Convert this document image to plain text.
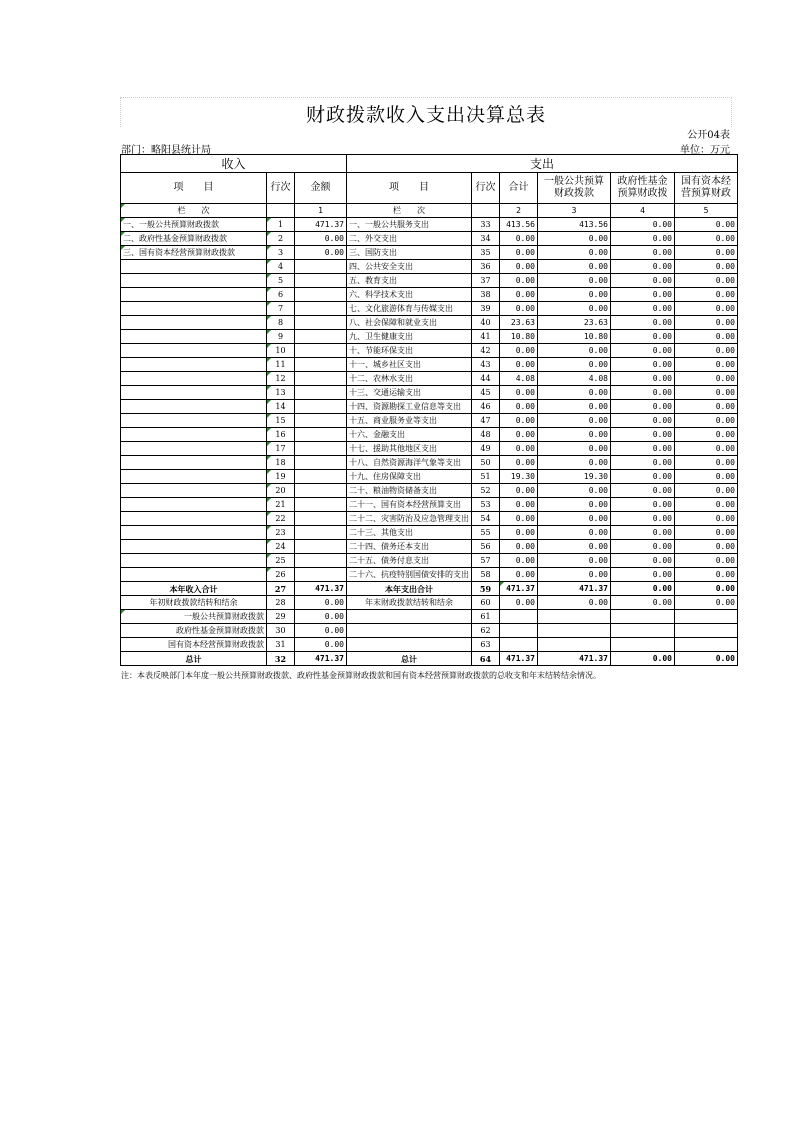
财政拨款收入支出决算总表
公开04表
部门：略阳县统计局	单位：万元
收入			支出					
项　　目	行次	金额	项　　目	行次	合计	一般公共预算财政拨款	政府性基金预算财政拨	国有资本经营预算财政
栏　　次		1	栏　　次		2	3	4	5
一、一般公共预算财政拨款	1	471.37	一、一般公共服务支出	33	413.56	413.56	0.00	0.00
二、政府性基金预算财政拨款	2	0.00	二、外交支出	34	0.00	0.00	0.00	0.00
三、国有资本经营预算财政拨款	3	0.00	三、国防支出	35	0.00	0.00	0.00	0.00
	4		四、公共安全支出	36	0.00	0.00	0.00	0.00
	5		五、教育支出	37	0.00	0.00	0.00	0.00
	6		六、科学技术支出	38	0.00	0.00	0.00	0.00
	7		七、文化旅游体育与传媒支出	39	0.00	0.00	0.00	0.00
	8		八、社会保障和就业支出	40	23.63	23.63	0.00	0.00
	9		九、卫生健康支出	41	10.80	10.80	0.00	0.00
	10		十、节能环保支出	42	0.00	0.00	0.00	0.00
	11		十一、城乡社区支出	43	0.00	0.00	0.00	0.00
	12		十二、农林水支出	44	4.08	4.08	0.00	0.00
	13		十三、交通运输支出	45	0.00	0.00	0.00	0.00
	14		十四、资源勘探工业信息等支出	46	0.00	0.00	0.00	0.00
	15		十五、商业服务业等支出	47	0.00	0.00	0.00	0.00
	16		十六、金融支出	48	0.00	0.00	0.00	0.00
	17		十七、援助其他地区支出	49	0.00	0.00	0.00	0.00
	18		十八、自然资源海洋气象等支出	50	0.00	0.00	0.00	0.00
	19		十九、住房保障支出	51	19.30	19.30	0.00	0.00
	20		二十、粮油物资储备支出	52	0.00	0.00	0.00	0.00
	21		二十一、国有资本经营预算支出	53	0.00	0.00	0.00	0.00
	22		二十二、灾害防治及应急管理支出	54	0.00	0.00	0.00	0.00
	23		二十三、其他支出	55	0.00	0.00	0.00	0.00
	24		二十四、债务还本支出	56	0.00	0.00	0.00	0.00
	25		二十五、债务付息支出	57	0.00	0.00	0.00	0.00
	26		二十六、抗疫特别国债安排的支出	58	0.00	0.00	0.00	0.00
本年收入合计	27	471.37	本年支出合计	59	471.37	471.37	0.00	0.00
年初财政拨款结转和结余	28	0.00	年末财政拨款结转和结余	60	0.00	0.00	0.00	0.00
一般公共预算财政拨款	29	0.00		61				
政府性基金预算财政拨款	30	0.00		62				
国有资本经营预算财政拨款	31	0.00		63				
总计	32	471.37	总计	64	471.37	471.37	0.00	0.00
注：本表反映部门本年度一般公共预算财政拨款、政府性基金预算财政拨款和国有资本经营预算财政拨款的总收支和年末结转结余情况。
